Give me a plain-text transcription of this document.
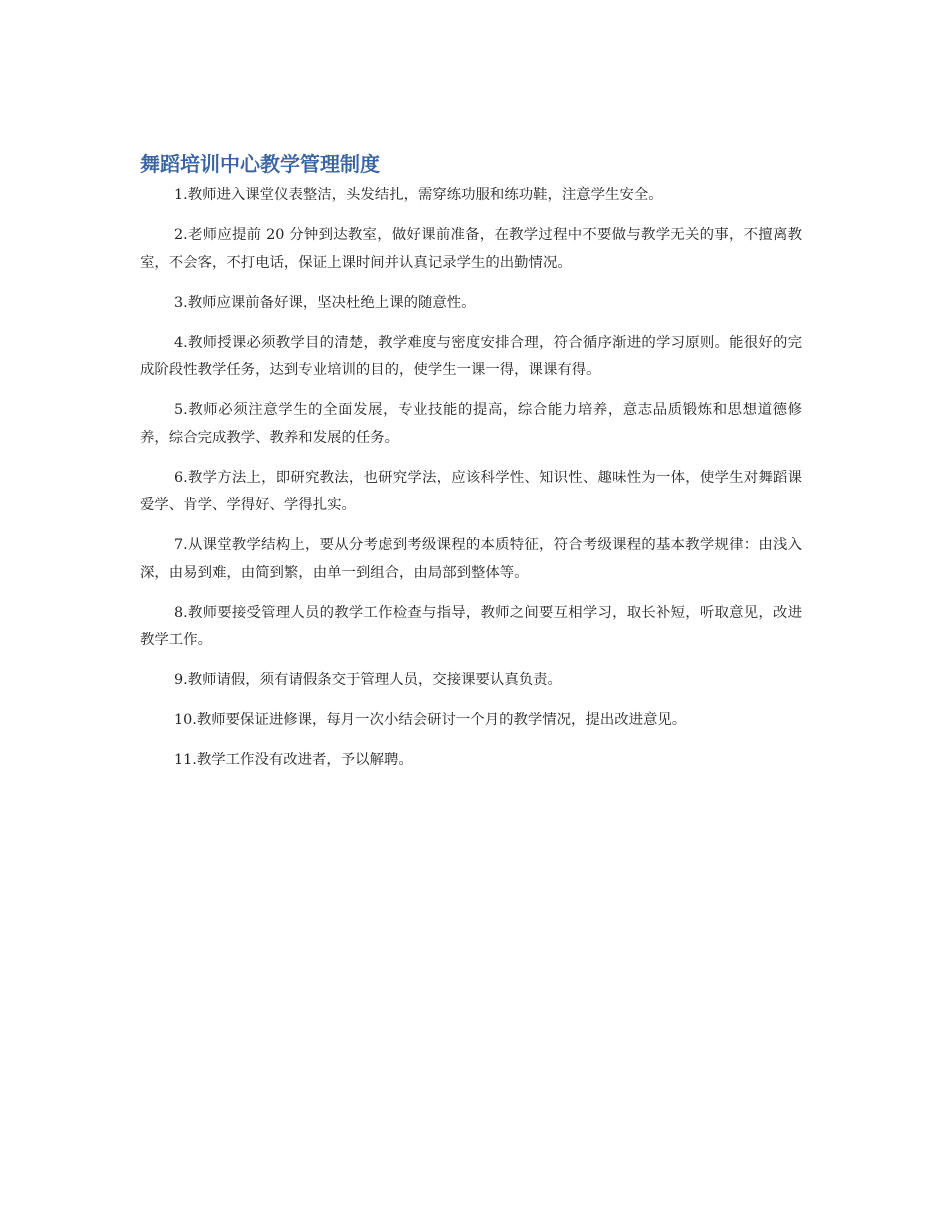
舞蹈培训中心教学管理制度

1.教师进入课堂仪表整洁，头发结扎，需穿练功服和练功鞋，注意学生安全。

2.老师应提前 20 分钟到达教室，做好课前准备，在教学过程中不要做与教学无关的事，不擅离教室，不会客，不打电话，保证上课时间并认真记录学生的出勤情况。

3.教师应课前备好课，坚决杜绝上课的随意性。

4.教师授课必须教学目的清楚，教学难度与密度安排合理，符合循序渐进的学习原则。能很好的完成阶段性教学任务，达到专业培训的目的，使学生一课一得，课课有得。

5.教师必须注意学生的全面发展，专业技能的提高，综合能力培养，意志品质锻炼和思想道德修养，综合完成教学、教养和发展的任务。

6.教学方法上，即研究教法，也研究学法，应该科学性、知识性、趣味性为一体，使学生对舞蹈课爱学、肯学、学得好、学得扎实。

7.从课堂教学结构上，要从分考虑到考级课程的本质特征，符合考级课程的基本教学规律：由浅入深，由易到难，由简到繁，由单一到组合，由局部到整体等。

8.教师要接受管理人员的教学工作检查与指导，教师之间要互相学习，取长补短，听取意见，改进教学工作。

9.教师请假，须有请假条交于管理人员，交接课要认真负责。

10.教师要保证进修课，每月一次小结会研讨一个月的教学情况，提出改进意见。

11.教学工作没有改进者，予以解聘。
